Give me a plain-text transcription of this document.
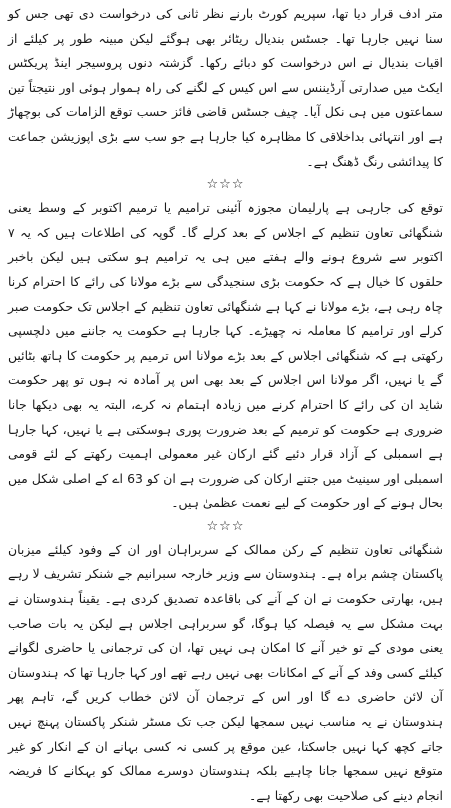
متر ادف قرار دیا تھا، سپریم کورٹ بارنے نظر ثانی کی درخواست دی تھی جس کو سنا نہیں جارہا تھا۔ جسٹس بندیال ریٹائر بھی ہوگئے لیکن مبینہ طور پر کیلئے از اقیات بندیال نے اس درخواست کو دبائے رکھا۔ گزشتہ دنوں پروسیجر اینڈ پریکٹس ایکٹ میں صدارتی آرڈیننس سے اس کیس کے لگنے کی راہ ہموار ہوئی اور نتیجتاً تین سماعتوں میں ہی نکل آیا۔ چیف جسٹس قاضی فائز حسب توقع الزامات کی بوچھاڑ ہے اور انتہائی بداخلاقی کا مظاہرہ کیا جارہا ہے جو سب سے بڑی اپوزیشن جماعت کا پیدائشی رنگ ڈھنگ ہے۔

☆☆☆

توقع کی جارہی ہے پارلیمان مجوزہ آئینی ترامیم یا ترمیم اکتوبر کے وسط یعنی شنگھائی تعاون تنظیم کے اجلاس کے بعد کرلے گا۔ گوپہ کی اطلاعات ہیں کہ یہ ۷ اکتوبر سے شروع ہونے والے ہفتے میں ہی یہ ترامیم ہو سکتی ہیں لیکن باخبر حلقوں کا خیال ہے کہ حکومت بڑی سنجیدگی سے بڑے مولانا کی رائے کا احترام کرنا چاہ رہی ہے، بڑے مولانا نے کہا ہے شنگھائی تعاون تنظیم کے اجلاس تک حکومت صبر کرلے اور ترامیم کا معاملہ نہ چھیڑے۔ کہا جارہا ہے حکومت یہ جاننے میں دلچسپی رکھتی ہے کہ شنگھائی اجلاس کے بعد بڑے مولانا اس ترمیم پر حکومت کا ہاتھ بٹائیں گے یا نہیں، اگر مولانا اس اجلاس کے بعد بھی اس پر آمادہ نہ ہوں تو پھر حکومت شاید ان کی رائے کا احترام کرنے میں زیادہ اہتمام نہ کرے، البتہ یہ بھی دیکھا جانا ضروری ہے حکومت کو ترمیم کے بعد ضرورت پوری ہوسکتی ہے یا نہیں، کہا جارہا ہے اسمبلی کے آزاد قرار دئیے گئے ارکان غیر معمولی اہمیت رکھتے کے لئے قومی اسمبلی اور سینیٹ میں جتنے ارکان کی ضرورت ہے ان کو 63 اے کے اصلی شکل میں بحال ہونے کے اور حکومت کے لیے نعمت عظمیٰ ہیں۔

☆☆☆

شنگھائی تعاون تنظیم کے رکن ممالک کے سربراہان اور ان کے وفود کیلئے میزبان پاکستان چشم براہ ہے۔ ہندوستان سے وزیر خارجہ سبرانیم جے شنکر تشریف لا رہے ہیں، بھارتی حکومت نے ان کے آنے کی باقاعدہ تصدیق کردی ہے۔ یقیناً ہندوستان نے بہت مشکل سے یہ فیصلہ کیا ہوگا، گو سربراہی اجلاس ہے لیکن یہ بات صاحب یعنی مودی کے تو خیر آنے کا امکان ہی نہیں تھا، ان کی ترجمانی یا حاضری لگوانے کیلئے کسی وفد کے آنے کے امکانات بھی نہیں رہے تھے اور کہا جارہا تھا کہ ہندوستان آن لائن حاضری دے گا اور اس کے ترجمان آن لائن خطاب کریں گے، تاہم پھر ہندوستان نے یہ مناسب نہیں سمجھا لیکن جب تک مسٹر شنکر پاکستان پہنچ نہیں جاتے کچھ کہا نہیں جاسکتا، عین موقع پر کسی نہ کسی بہانے ان کے انکار کو غیر متوقع نہیں سمجھا جانا چاہیے بلکہ ہندوستان دوسرے ممالک کو بہکانے کا فریضہ انجام دینے کی صلاحیت بھی رکھتا ہے۔
